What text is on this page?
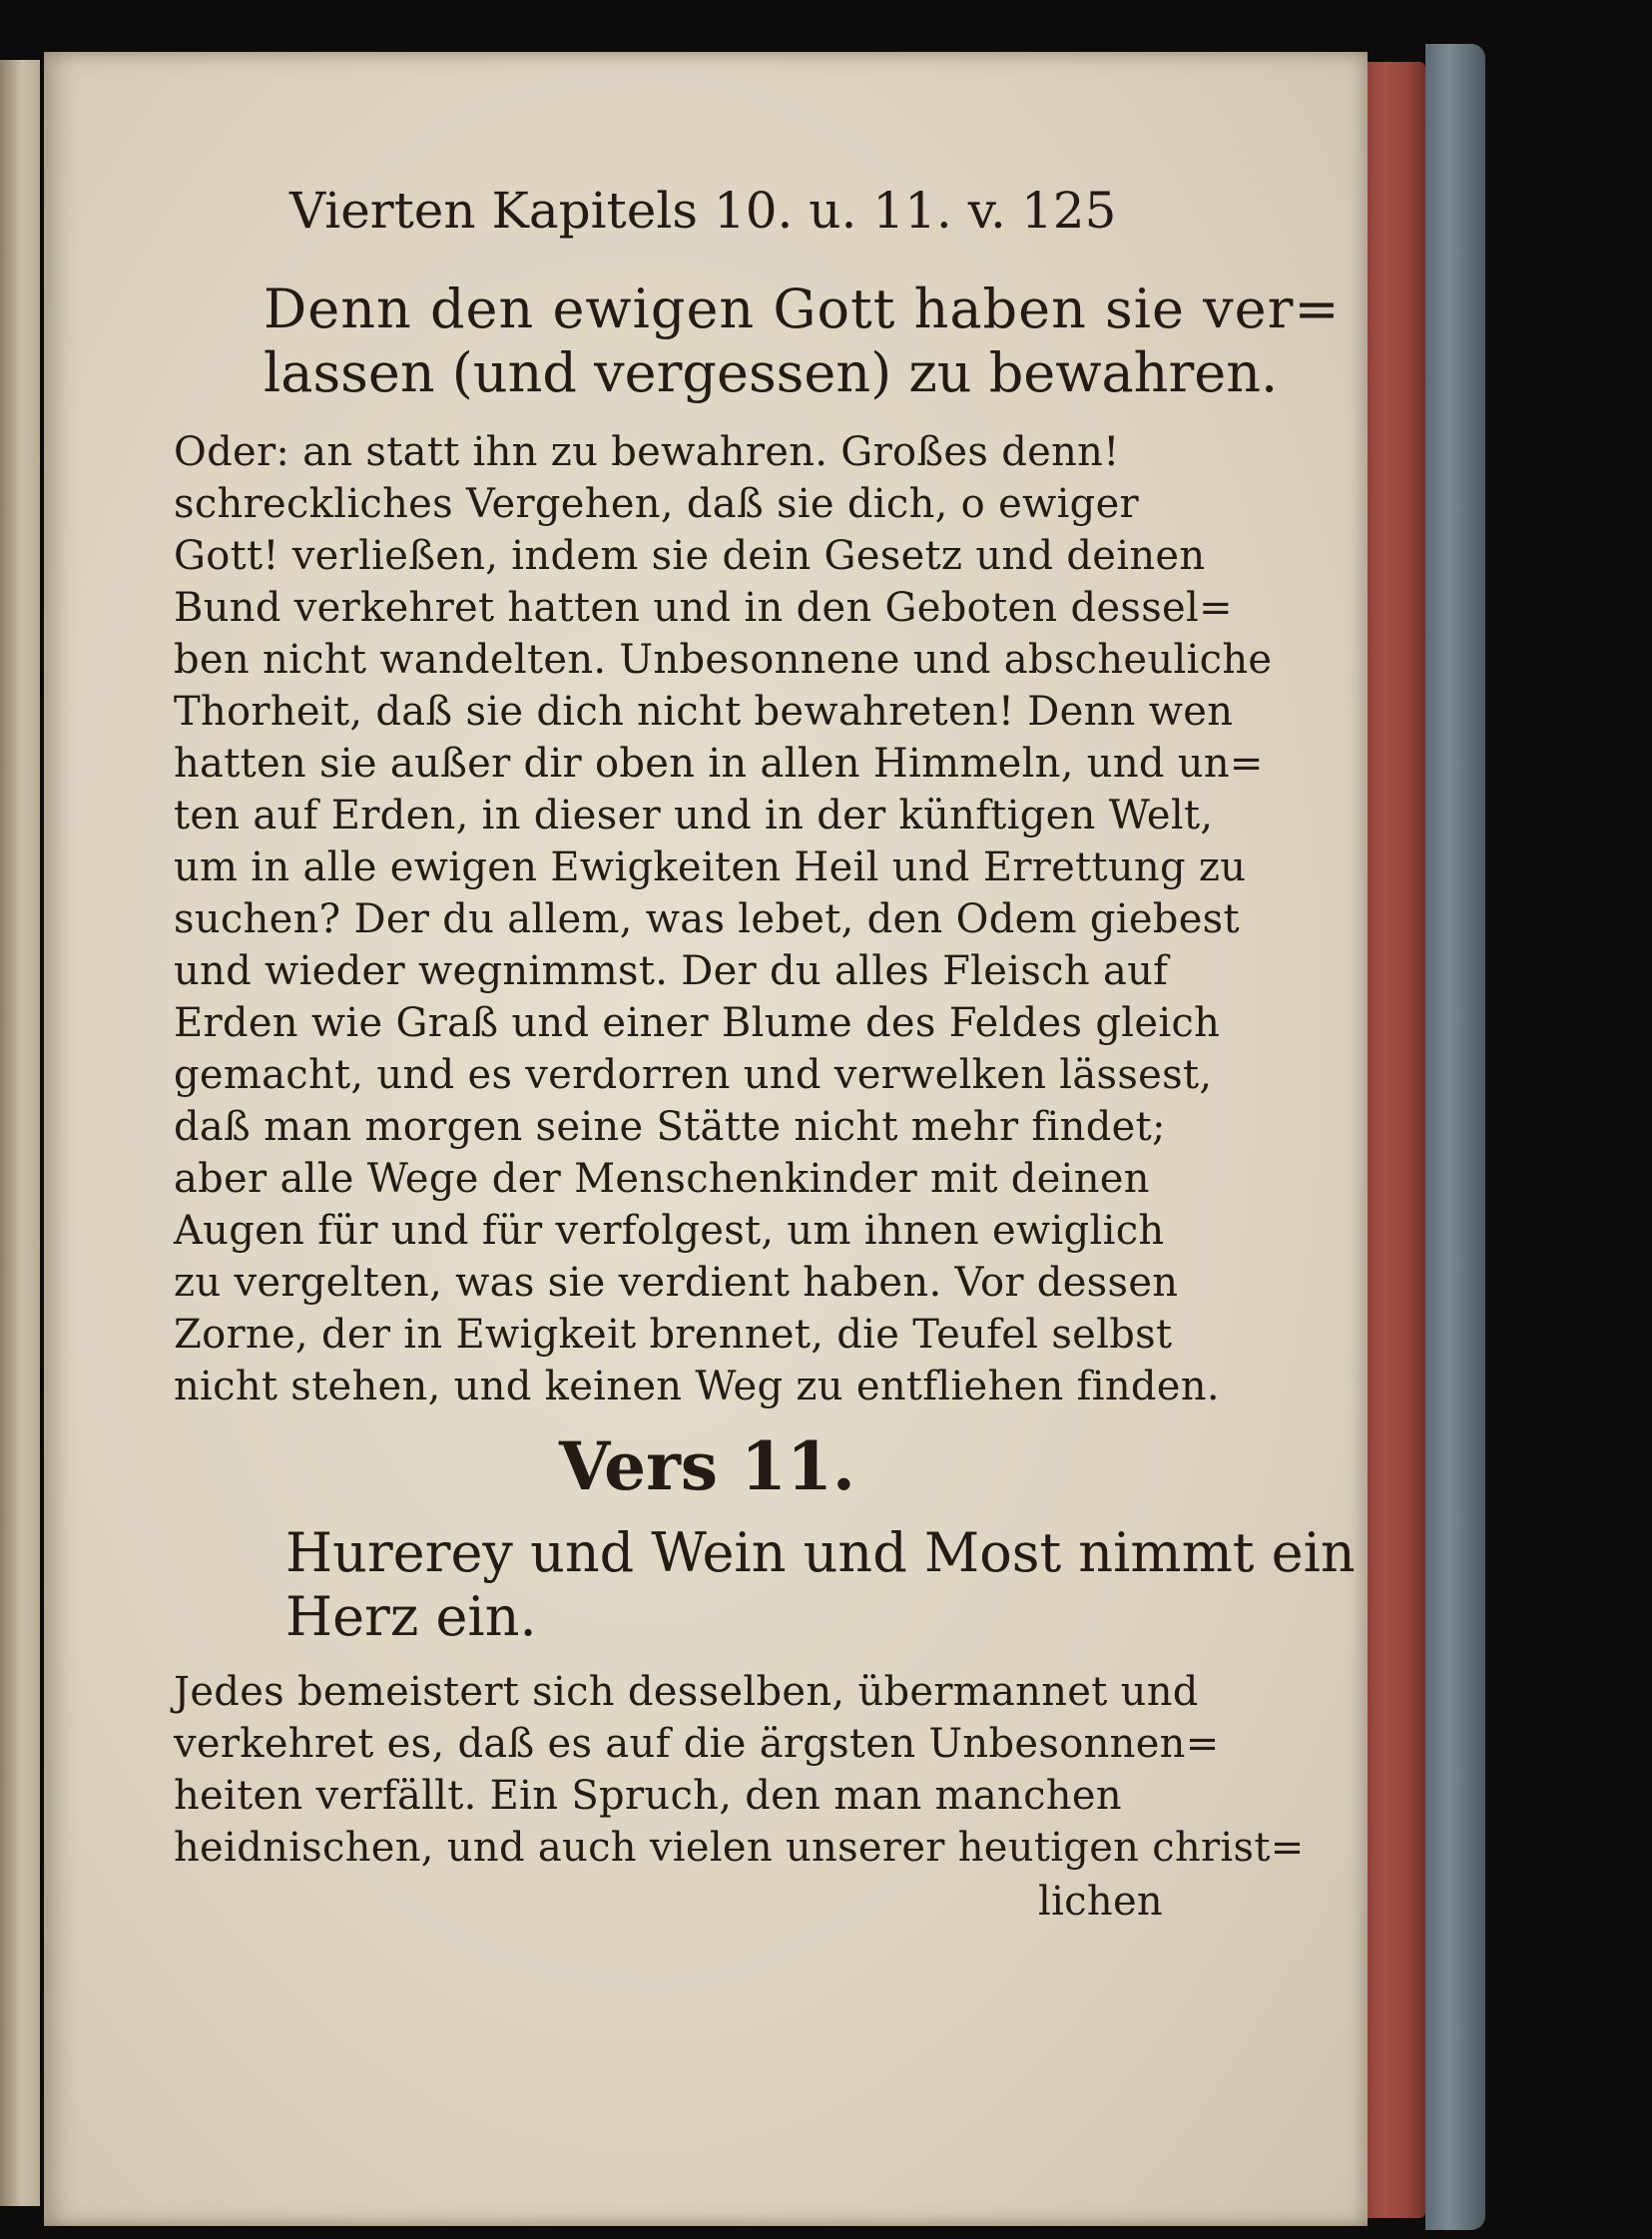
Vierten Kapitels 10. u. 11. v. 125
Denn den ewigen Gott haben sie ver=
lassen (und vergessen) zu bewahren.
Oder: an statt ihn zu bewahren. Großes denn!
schreckliches Vergehen, daß sie dich, o ewiger
Gott! verließen, indem sie dein Gesetz und deinen
Bund verkehret hatten und in den Geboten dessel=
ben nicht wandelten. Unbesonnene und abscheuliche
Thorheit, daß sie dich nicht bewahreten! Denn wen
hatten sie außer dir oben in allen Himmeln, und un=
ten auf Erden, in dieser und in der künftigen Welt,
um in alle ewigen Ewigkeiten Heil und Errettung zu
suchen? Der du allem, was lebet, den Odem giebest
und wieder wegnimmst. Der du alles Fleisch auf
Erden wie Graß und einer Blume des Feldes gleich
gemacht, und es verdorren und verwelken lässest,
daß man morgen seine Stätte nicht mehr findet;
aber alle Wege der Menschenkinder mit deinen
Augen für und für verfolgest, um ihnen ewiglich
zu vergelten, was sie verdient haben. Vor dessen
Zorne, der in Ewigkeit brennet, die Teufel selbst
nicht stehen, und keinen Weg zu entfliehen finden.
Vers 11.
Hurerey und Wein und Most nimmt ein
Herz ein.
Jedes bemeistert sich desselben, übermannet und
verkehret es, daß es auf die ärgsten Unbesonnen=
heiten verfällt. Ein Spruch, den man manchen
heidnischen, und auch vielen unserer heutigen christ=
lichen
